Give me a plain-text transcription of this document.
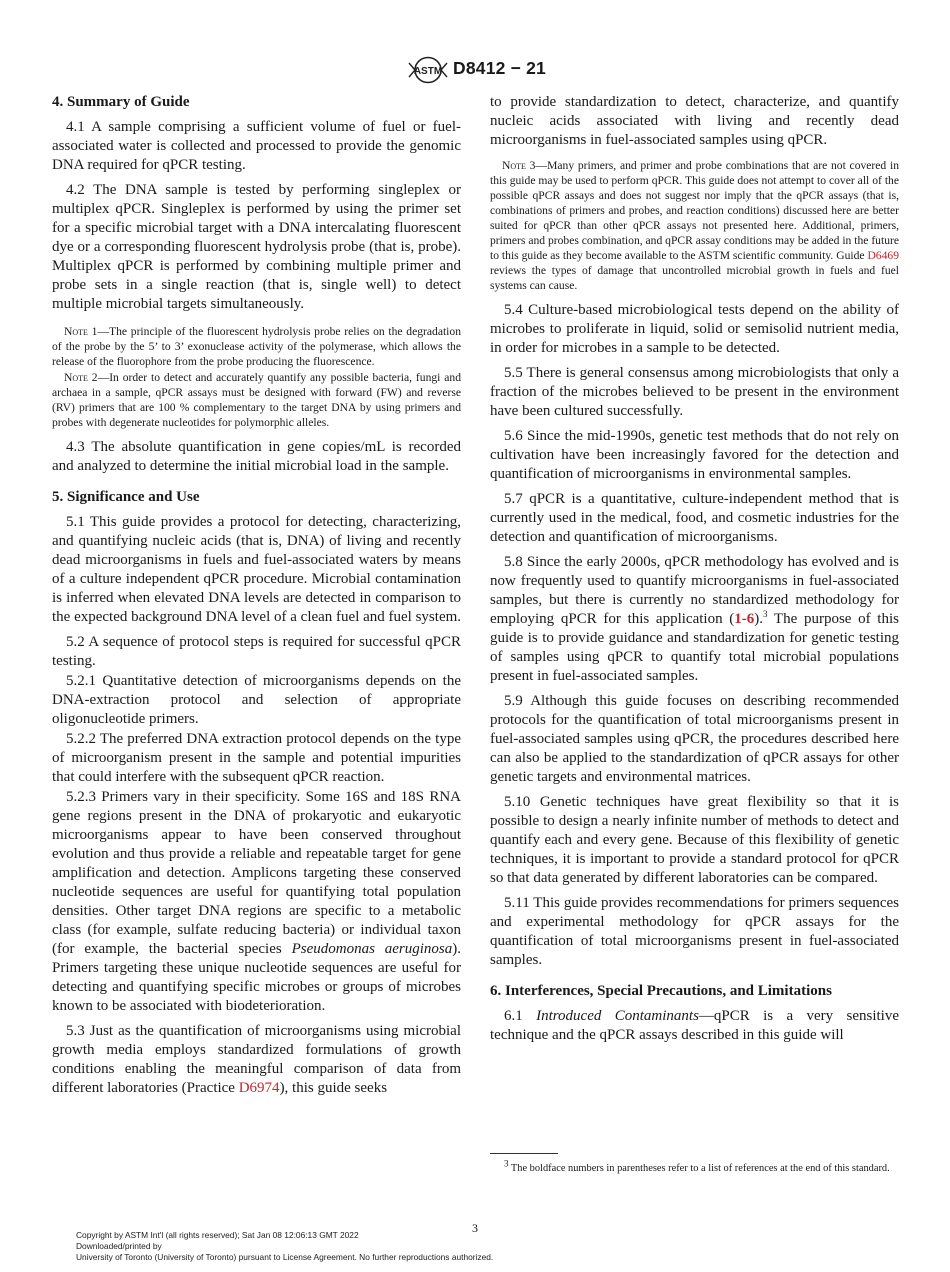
ASTM D8412 − 21
4. Summary of Guide

4.1 A sample comprising a sufficient volume of fuel or fuel-associated water is collected and processed to provide the genomic DNA required for qPCR testing.

4.2 The DNA sample is tested by performing singleplex or multiplex qPCR. Singleplex is performed by using the primer set for a specific microbial target with a DNA intercalating fluorescent dye or a corresponding fluorescent hydrolysis probe (that is, probe). Multiplex qPCR is performed by combining multiple primer and probe sets in a single reaction (that is, single well) to detect multiple microbial targets simultaneously.

Note 1—The principle of the fluorescent hydrolysis probe relies on the degradation of the probe by the 5’ to 3’ exonuclease activity of the polymerase, which allows the release of the fluorophore from the probe producing the fluorescence.

Note 2—In order to detect and accurately quantify any possible bacteria, fungi and archaea in a sample, qPCR assays must be designed with forward (FW) and reverse (RV) primers that are 100 % complementary to the target DNA by using primers and probes with degenerate nucleotides for polymorphic alleles.

4.3 The absolute quantification in gene copies/mL is recorded and analyzed to determine the initial microbial load in the sample.

5. Significance and Use

5.1 This guide provides a protocol for detecting, characterizing, and quantifying nucleic acids (that is, DNA) of living and recently dead microorganisms in fuels and fuel-associated waters by means of a culture independent qPCR procedure. Microbial contamination is inferred when elevated DNA levels are detected in comparison to the expected background DNA level of a clean fuel and fuel system.

5.2 A sequence of protocol steps is required for successful qPCR testing.

5.2.1 Quantitative detection of microorganisms depends on the DNA-extraction protocol and selection of appropriate oligonucleotide primers.

5.2.2 The preferred DNA extraction protocol depends on the type of microorganism present in the sample and potential impurities that could interfere with the subsequent qPCR reaction.

5.2.3 Primers vary in their specificity. Some 16S and 18S RNA gene regions present in the DNA of prokaryotic and eukaryotic microorganisms appear to have been conserved throughout evolution and thus provide a reliable and repeatable target for gene amplification and detection. Amplicons targeting these conserved nucleotide sequences are useful for quantifying total population densities. Other target DNA regions are specific to a metabolic class (for example, sulfate reducing bacteria) or individual taxon (for example, the bacterial species Pseudomonas aeruginosa). Primers targeting these unique nucleotide sequences are useful for detecting and quantifying specific microbes or groups of microbes known to be associated with biodeterioration.

5.3 Just as the quantification of microorganisms using microbial growth media employs standardized formulations of growth conditions enabling the meaningful comparison of data from different laboratories (Practice D6974), this guide seeks

to provide standardization to detect, characterize, and quantify nucleic acids associated with living and recently dead microorganisms in fuel-associated samples using qPCR.

Note 3—Many primers, and primer and probe combinations that are not covered in this guide may be used to perform qPCR. This guide does not attempt to cover all of the possible qPCR assays and does not suggest nor imply that the qPCR assays (that is, combinations of primers and probes, and reaction conditions) discussed here are better suited for qPCR than other qPCR assays not presented here. Additional, primers, primers and probes combination, and qPCR assay conditions may be added in the future to this guide as they become available to the ASTM scientific community. Guide D6469 reviews the types of damage that uncontrolled microbial growth in fuels and fuel systems can cause.

5.4 Culture-based microbiological tests depend on the ability of microbes to proliferate in liquid, solid or semisolid nutrient media, in order for microbes in a sample to be detected.

5.5 There is general consensus among microbiologists that only a fraction of the microbes believed to be present in the environment have been cultured successfully.

5.6 Since the mid-1990s, genetic test methods that do not rely on cultivation have been increasingly favored for the detection and quantification of microorganisms in environmental samples.

5.7 qPCR is a quantitative, culture-independent method that is currently used in the medical, food, and cosmetic industries for the detection and quantification of microorganisms.

5.8 Since the early 2000s, qPCR methodology has evolved and is now frequently used to quantify microorganisms in fuel-associated samples, but there is currently no standardized methodology for employing qPCR for this application (1-6).$^3$ The purpose of this guide is to provide guidance and standardization for genetic testing of samples using qPCR to quantify total microbial populations present in fuel-associated samples.

5.9 Although this guide focuses on describing recommended protocols for the quantification of total microorganisms present in fuel-associated samples using qPCR, the procedures described here can also be applied to the standardization of qPCR assays for other genetic targets and environmental matrices.

5.10 Genetic techniques have great flexibility so that it is possible to design a nearly infinite number of methods to detect and quantify each and every gene. Because of this flexibility of genetic techniques, it is important to provide a standard protocol for qPCR so that data generated by different laboratories can be compared.

5.11 This guide provides recommendations for primers sequences and experimental methodology for qPCR assays for the quantification of total microorganisms present in fuel-associated samples.

6. Interferences, Special Precautions, and Limitations

6.1 Introduced Contaminants—qPCR is a very sensitive technique and the qPCR assays described in this guide will

$^3$ The boldface numbers in parentheses refer to a list of references at the end of this standard.
3
Copyright by ASTM Int'l (all rights reserved); Sat Jan 08 12:06:13 GMT 2022
Downloaded/printed by
University of Toronto (University of Toronto) pursuant to License Agreement. No further reproductions authorized.
